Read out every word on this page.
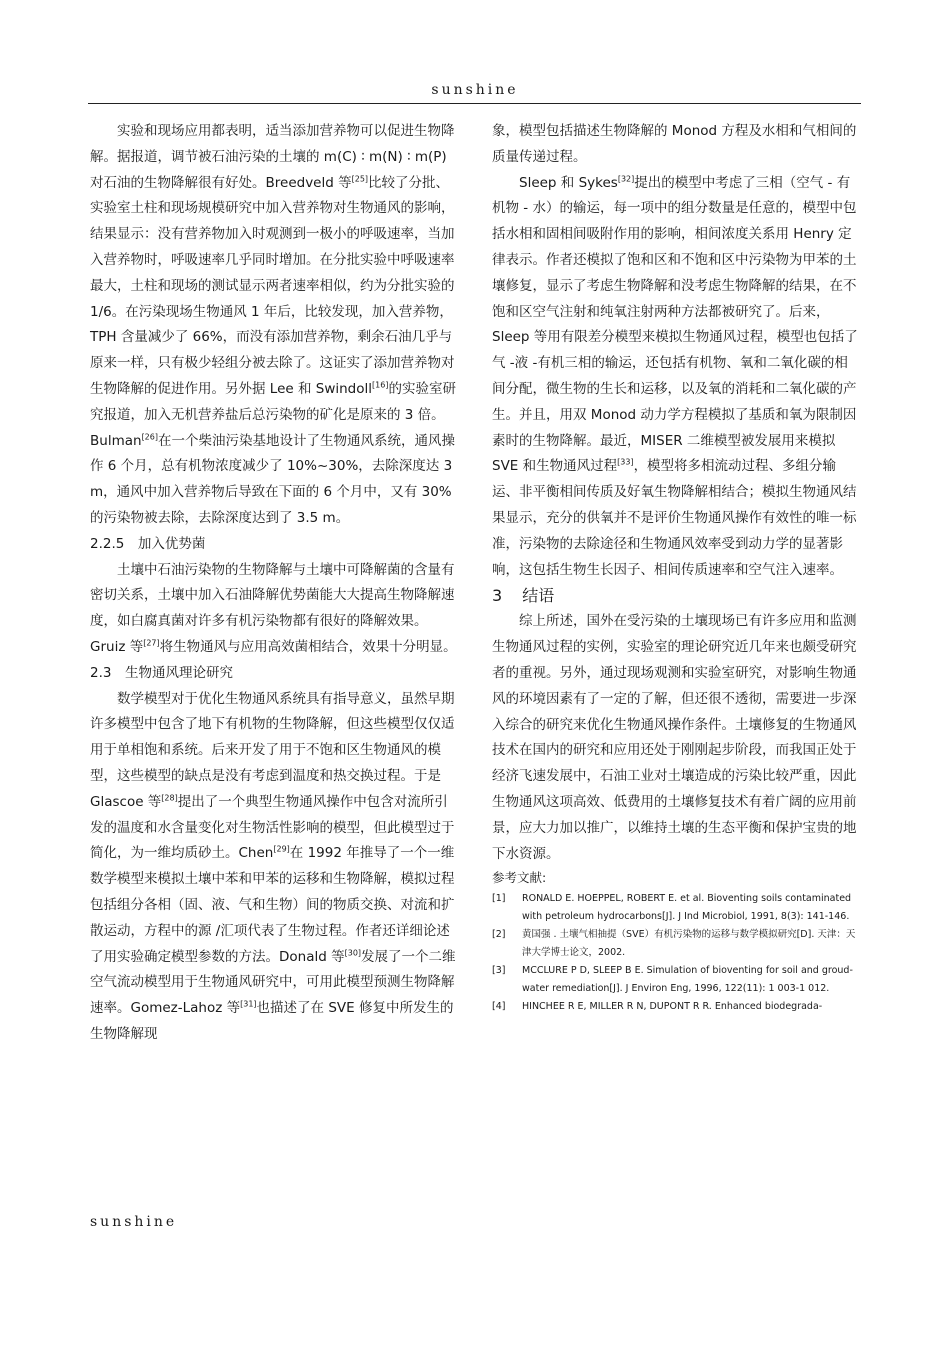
sunshine

实验和现场应用都表明，适当添加营养物可以促进生物降解。据报道，调节被石油污染的土壤的 m(C) ∶ m(N) ∶ m(P) 对石油的生物降解很有好处。Breedveld 等[25]比较了分批、实验室土柱和现场规模研究中加入营养物对生物通风的影响，结果显示：没有营养物加入时观测到一极小的呼吸速率，当加入营养物时，呼吸速率几乎同时增加。在分批实验中呼吸速率最大，土柱和现场的测试显示两者速率相似，约为分批实验的 1/6。在污染现场生物通风 1 年后，比较发现，加入营养物，TPH 含量减少了 66%，而没有添加营养物，剩余石油几乎与原来一样，只有极少轻组分被去除了。这证实了添加营养物对生物降解的促进作用。另外据 Lee 和 Swindoll[16]的实验室研究报道，加入无机营养盐后总污染物的矿化是原来的 3 倍。Bulman[26]在一个柴油污染基地设计了生物通风系统，通风操作 6 个月，总有机物浓度减少了 10%~30%，去除深度达 3 m，通风中加入营养物后导致在下面的 6 个月中，又有 30%的污染物被去除，去除深度达到了 3.5 m。

2.2.5　加入优势菌

土壤中石油污染物的生物降解与土壤中可降解菌的含量有密切关系，土壤中加入石油降解优势菌能大大提高生物降解速度，如白腐真菌对许多有机污染物都有很好的降解效果。Gruiz 等[27]将生物通风与应用高效菌相结合，效果十分明显。

2.3　生物通风理论研究

数学模型对于优化生物通风系统具有指导意义，虽然早期许多模型中包含了地下有机物的生物降解，但这些模型仅仅适用于单相饱和系统。后来开发了用于不饱和区生物通风的模型，这些模型的缺点是没有考虑到温度和热交换过程。于是 Glascoe 等[28]提出了一个典型生物通风操作中包含对流所引发的温度和水含量变化对生物活性影响的模型，但此模型过于简化，为一维均质砂土。Chen[29]在 1992 年推导了一个一维数学模型来模拟土壤中苯和甲苯的运移和生物降解，模拟过程包括组分各相（固、液、气和生物）间的物质交换、对流和扩散运动，方程中的源 /汇项代表了生物过程。作者还详细论述了用实验确定模型参数的方法。Donald 等[30]发展了一个二维空气流动模型用于生物通风研究中，可用此模型预测生物降解速率。Gomez-Lahoz 等[31]也描述了在 SVE 修复中所发生的生物降解现

象，模型包括描述生物降解的 Monod 方程及水相和气相间的质量传递过程。

Sleep 和 Sykes[32]提出的模型中考虑了三相（空气 - 有机物 - 水）的输运，每一项中的组分数量是任意的，模型中包括水相和固相间吸附作用的影响，相间浓度关系用 Henry 定律表示。作者还模拟了饱和区和不饱和区中污染物为甲苯的土壤修复，显示了考虑生物降解和没考虑生物降解的结果，在不饱和区空气注射和纯氧注射两种方法都被研究了。后来，Sleep 等用有限差分模型来模拟生物通风过程，模型也包括了气 -液 -有机三相的输运，还包括有机物、氧和二氧化碳的相间分配，微生物的生长和运移，以及氧的消耗和二氧化碳的产生。并且，用双 Monod 动力学方程模拟了基质和氧为限制因素时的生物降解。最近，MISER 二维模型被发展用来模拟 SVE 和生物通风过程[33]，模型将多相流动过程、多组分输运、非平衡相间传质及好氧生物降解相结合；模拟生物通风结果显示，充分的供氧并不是评价生物通风操作有效性的唯一标准，污染物的去除途径和生物通风效率受到动力学的显著影响，这包括生物生长因子、相间传质速率和空气注入速率。

3 结语

综上所述，国外在受污染的土壤现场已有许多应用和监测生物通风过程的实例，实验室的理论研究近几年来也颇受研究者的重视。另外，通过现场观测和实验室研究，对影响生物通风的环境因素有了一定的了解，但还很不透彻，需要进一步深入综合的研究来优化生物通风操作条件。土壤修复的生物通风技术在国内的研究和应用还处于刚刚起步阶段，而我国正处于经济飞速发展中，石油工业对土壤造成的污染比较严重，因此生物通风这项高效、低费用的土壤修复技术有着广阔的应用前景，应大力加以推广，以维持土壤的生态平衡和保护宝贵的地下水资源。

参考文献:

[1]	RONALD E. HOEPPEL, ROBERT E. et al. Bioventing soils contaminated with petroleum hydrocarbons[J]. J Ind Microbiol, 1991, 8(3): 141-146.
[2]	黄国强 . 土壤气相抽提（SVE）有机污染物的运移与数学模拟研究[D]. 天津：天津大学博士论文，2002.
[3]	MCCLURE P D, SLEEP B E. Simulation of bioventing for soil and groud-water remediation[J]. J Environ Eng, 1996, 122(11): 1 003-1 012.
[4]	HINCHEE R E, MILLER R N, DUPONT R R. Enhanced biodegrada-
sunshine
